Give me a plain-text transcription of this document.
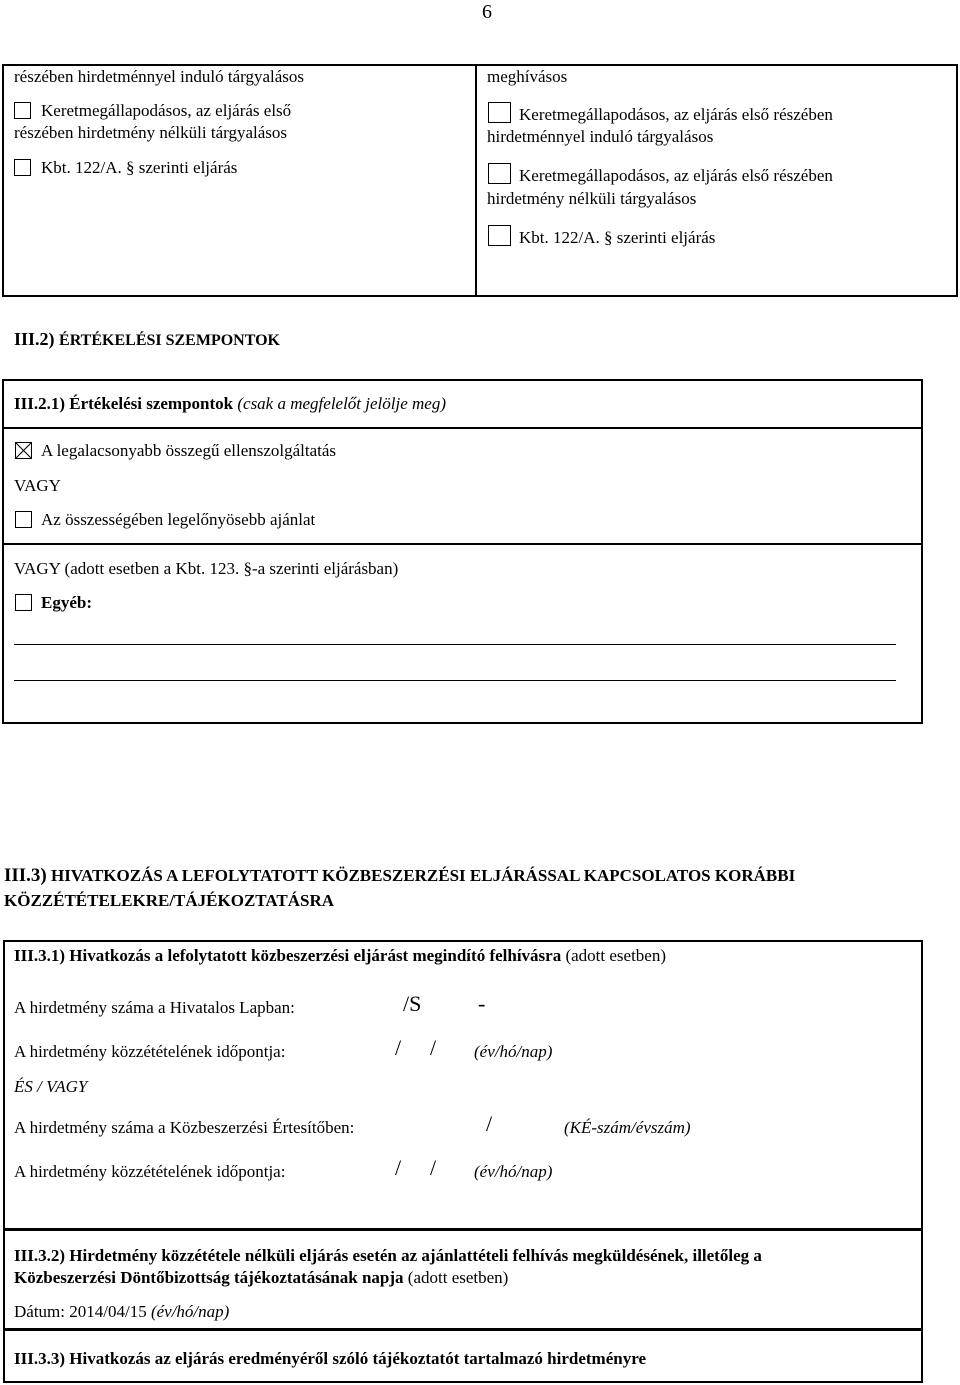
6
részében hirdetménnyel induló tárgyalásos
Keretmegállapodásos, az eljárás első
részében hirdetmény nélküli tárgyalásos
Kbt. 122/A. § szerinti eljárás
meghívásos
Keretmegállapodásos, az eljárás első részében
hirdetménnyel induló tárgyalásos
Keretmegállapodásos, az eljárás első részében
hirdetmény nélküli tárgyalásos
Kbt. 122/A. § szerinti eljárás
III.2) ÉRTÉKELÉSI SZEMPONTOK
III.2.1) Értékelési szempontok (csak a megfelelőt jelölje meg)
A legalacsonyabb összegű ellenszolgáltatás
VAGY
Az összességében legelőnyösebb ajánlat
VAGY (adott esetben a Kbt. 123. §-a szerinti eljárásban)
Egyéb:
III.3) HIVATKOZÁS A LEFOLYTATOTT KÖZBESZERZÉSI ELJÁRÁSSAL KAPCSOLATOS KORÁBBI
KÖZZÉTÉTELEKRE/TÁJÉKOZTATÁSRA
III.3.1) Hivatkozás a lefolytatott közbeszerzési eljárást megindító felhívásra (adott esetben)
A hirdetmény száma a Hivatalos Lapban:	/S	-
A hirdetmény közzétételének időpontja:	/ / (év/hó/nap)
ÉS / VAGY
A hirdetmény száma a Közbeszerzési Értesítőben:	/	(KÉ-szám/évszám)
A hirdetmény közzétételének időpontja:	/ / (év/hó/nap)
III.3.2) Hirdetmény közzététele nélküli eljárás esetén az ajánlattételi felhívás megküldésének, illetőleg a
Közbeszerzési Döntőbizottság tájékoztatásának napja (adott esetben)
Dátum: 2014/04/15 (év/hó/nap)
III.3.3) Hivatkozás az eljárás eredményéről szóló tájékoztatót tartalmazó hirdetményre
